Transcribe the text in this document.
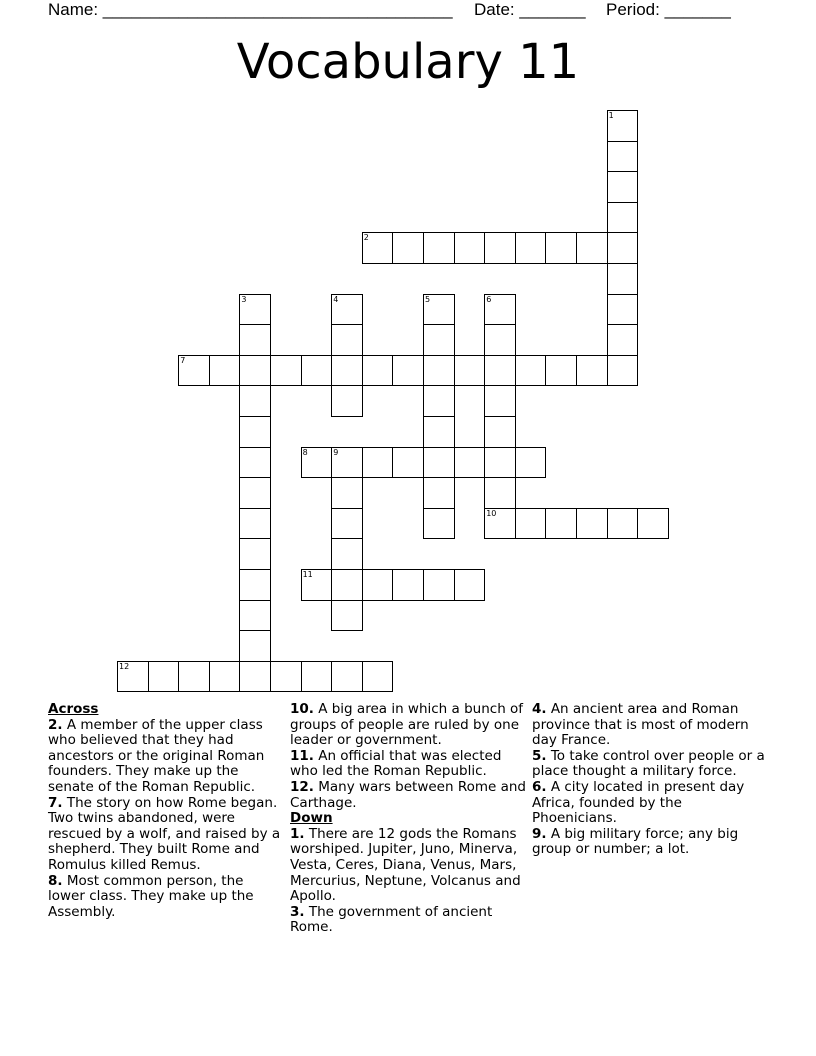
Name: _____________________________________ Date: _______ Period: _______
Vocabulary 11
1
2
3	4	5	6
7
8	9
10
11
12
Across
2. A member of the upper class who believed that they had ancestors or the original Roman founders. They make up the senate of the Roman Republic.
7. The story on how Rome began. Two twins abandoned, were rescued by a wolf, and raised by a shepherd. They built Rome and Romulus killed Remus.
8. Most common person, the lower class. They make up the Assembly.
10. A big area in which a bunch of groups of people are ruled by one leader or government.
11. An official that was elected who led the Roman Republic.
12. Many wars between Rome and Carthage.
Down
1. There are 12 gods the Romans worshiped. Jupiter, Juno, Minerva, Vesta, Ceres, Diana, Venus, Mars, Mercurius, Neptune, Volcanus and Apollo.
3. The government of ancient Rome.
4. An ancient area and Roman province that is most of modern day France.
5. To take control over people or a place thought a military force.
6. A city located in present day Africa, founded by the Phoenicians.
9. A big military force; any big group or number; a lot.
